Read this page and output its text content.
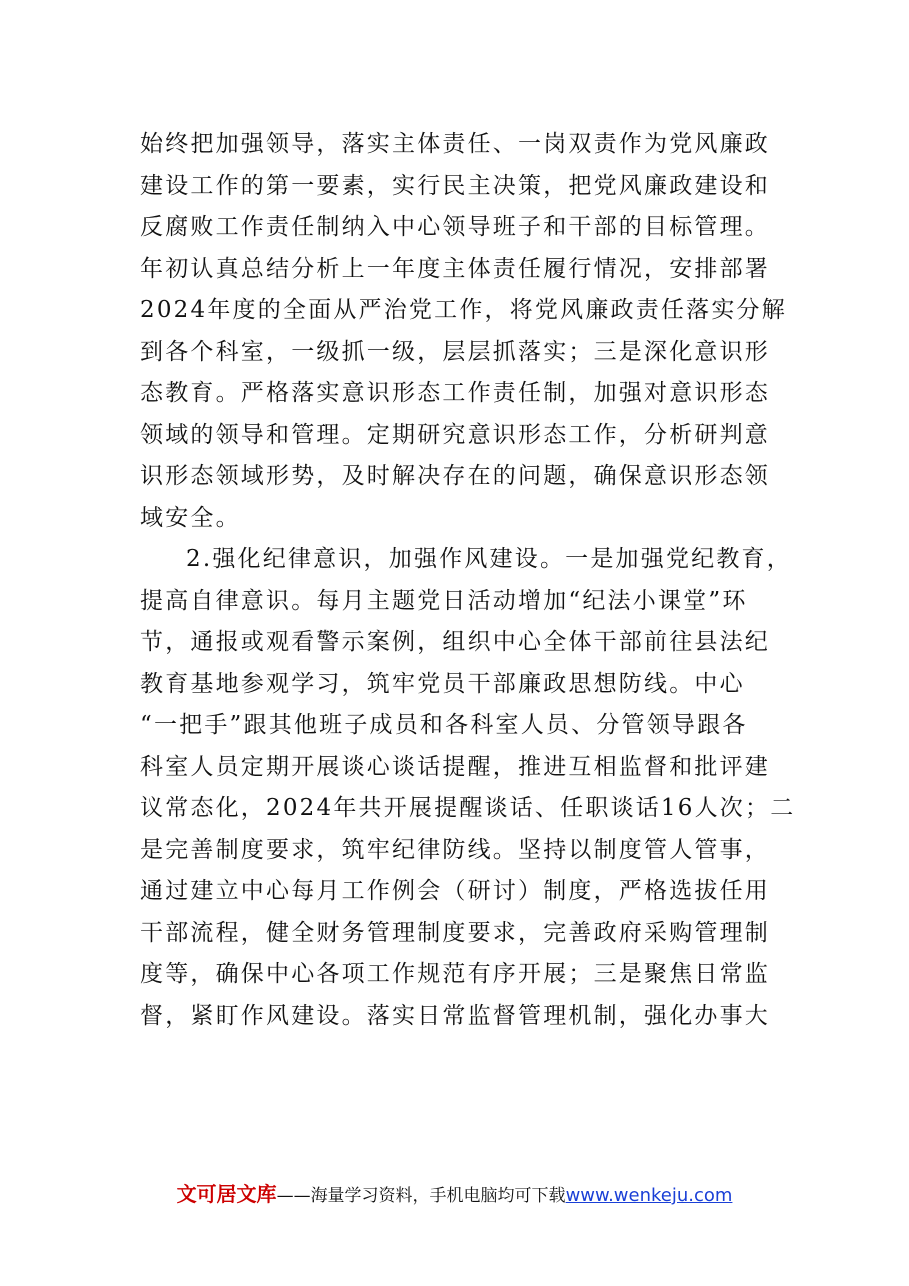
始终把加强领导，落实主体责任、一岗双责作为党风廉政
建设工作的第一要素，实行民主决策，把党风廉政建设和
反腐败工作责任制纳入中心领导班子和干部的目标管理。
年初认真总结分析上一年度主体责任履行情况，安排部署
2024年度的全面从严治党工作，将党风廉政责任落实分解
到各个科室，一级抓一级，层层抓落实；三是深化意识形
态教育。严格落实意识形态工作责任制，加强对意识形态
领域的领导和管理。定期研究意识形态工作，分析研判意
识形态领域形势，及时解决存在的问题，确保意识形态领
域安全。
2.强化纪律意识，加强作风建设。一是加强党纪教育，
提高自律意识。每月主题党日活动增加“纪法小课堂”环
节，通报或观看警示案例，组织中心全体干部前往县法纪
教育基地参观学习，筑牢党员干部廉政思想防线。中心
“一把手”跟其他班子成员和各科室人员、分管领导跟各
科室人员定期开展谈心谈话提醒，推进互相监督和批评建
议常态化，2024年共开展提醒谈话、任职谈话16人次；二
是完善制度要求，筑牢纪律防线。坚持以制度管人管事，
通过建立中心每月工作例会（研讨）制度，严格选拔任用
干部流程，健全财务管理制度要求，完善政府采购管理制
度等，确保中心各项工作规范有序开展；三是聚焦日常监
督，紧盯作风建设。落实日常监督管理机制，强化办事大
文可居文库——海量学习资料，手机电脑均可下载www.wenkeju.com
